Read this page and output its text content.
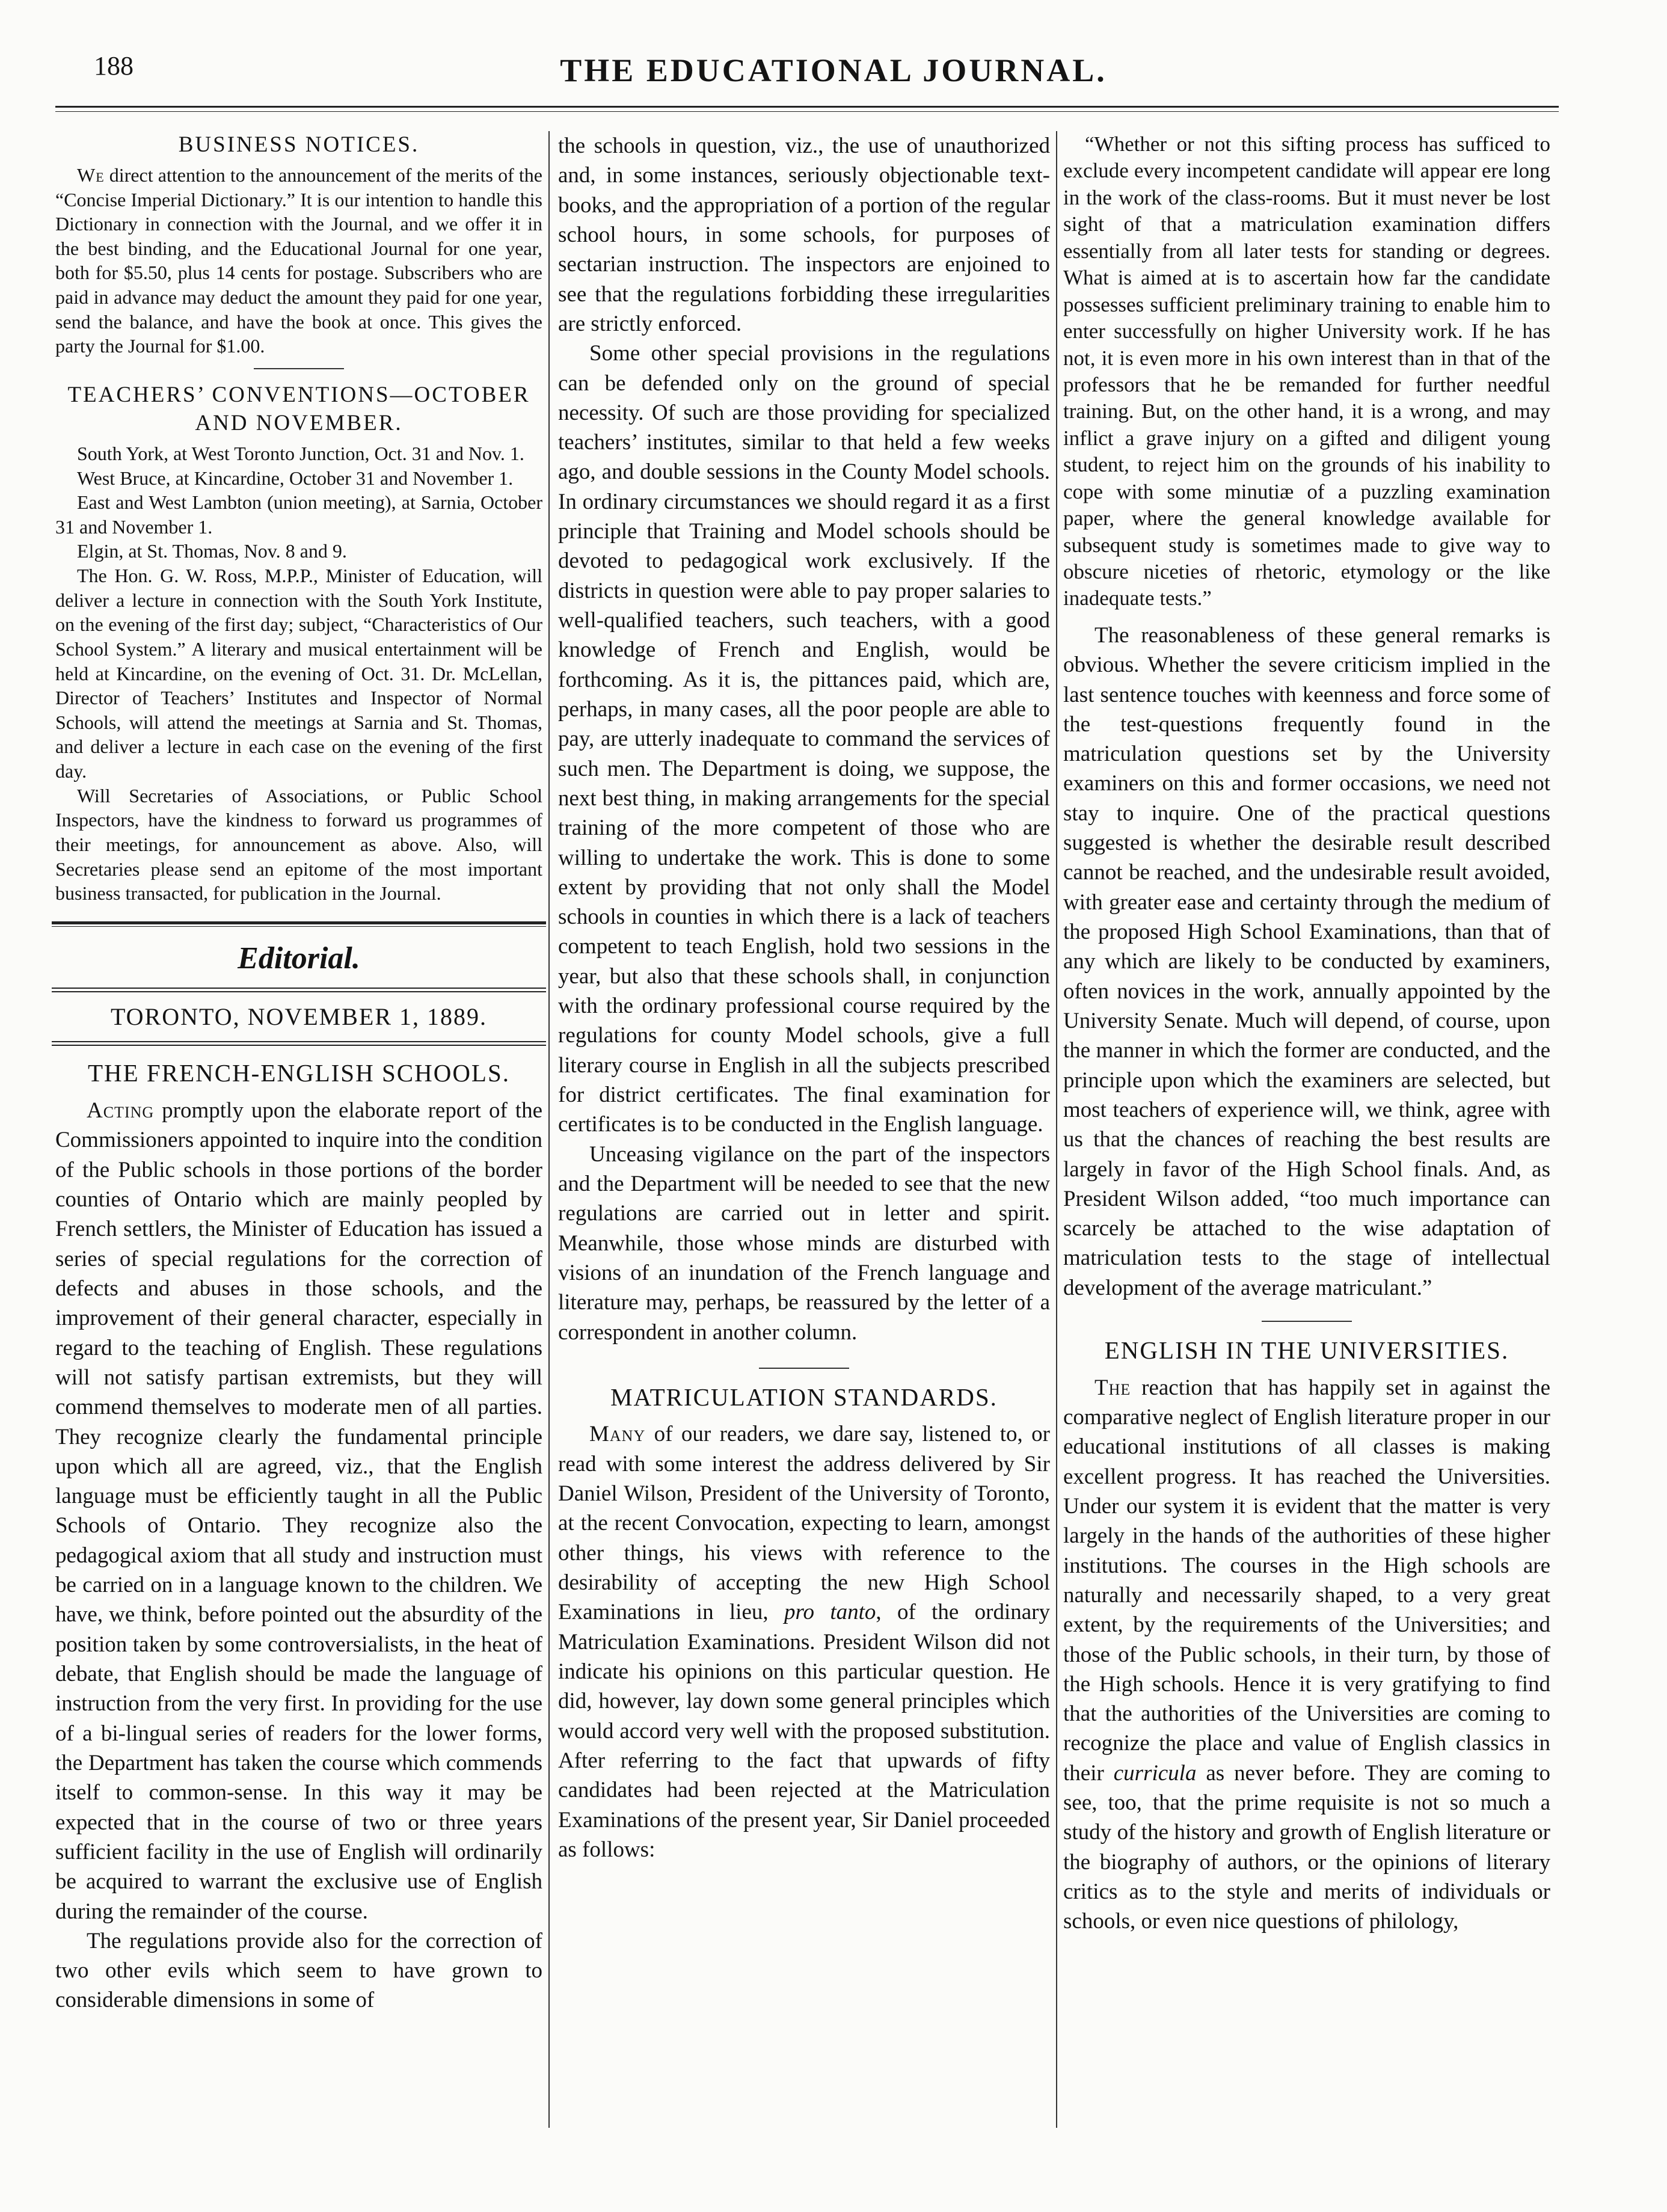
188	THE EDUCATIONAL JOURNAL.
BUSINESS NOTICES.

We direct attention to the announcement of the merits of the “Concise Imperial Dictionary.” It is our intention to handle this Dictionary in connection with the Journal, and we offer it in the best binding, and the Educational Journal for one year, both for $5.50, plus 14 cents for postage. Subscribers who are paid in advance may deduct the amount they paid for one year, send the balance, and have the book at once. This gives the party the Journal for $1.00.

TEACHERS’ CONVENTIONS—OCTOBER AND NOVEMBER.

South York, at West Toronto Junction, Oct. 31 and Nov. 1.

West Bruce, at Kincardine, October 31 and November 1.

East and West Lambton (union meeting), at Sarnia, October 31 and November 1.

Elgin, at St. Thomas, Nov. 8 and 9.

The Hon. G. W. Ross, M.P.P., Minister of Education, will deliver a lecture in connection with the South York Institute, on the evening of the first day; subject, “Characteristics of Our School System.” A literary and musical entertainment will be held at Kincardine, on the evening of Oct. 31. Dr. McLellan, Director of Teachers’ Institutes and Inspector of Normal Schools, will attend the meetings at Sarnia and St. Thomas, and deliver a lecture in each case on the evening of the first day.

Will Secretaries of Associations, or Public School Inspectors, have the kindness to forward us programmes of their meetings, for announcement as above. Also, will Secretaries please send an epitome of the most important business transacted, for publication in the Journal.

Editorial.
TORONTO, NOVEMBER 1, 1889.
THE FRENCH-ENGLISH SCHOOLS.

Acting promptly upon the elaborate report of the Commissioners appointed to inquire into the condition of the Public schools in those portions of the border counties of Ontario which are mainly peopled by French settlers, the Minister of Education has issued a series of special regulations for the correction of defects and abuses in those schools, and the improvement of their general character, especially in regard to the teaching of English. These regulations will not satisfy partisan extremists, but they will commend themselves to moderate men of all parties. They recognize clearly the fundamental principle upon which all are agreed, viz., that the English language must be efficiently taught in all the Public Schools of Ontario. They recognize also the pedagogical axiom that all study and instruction must be carried on in a language known to the children. We have, we think, before pointed out the absurdity of the position taken by some controversialists, in the heat of debate, that English should be made the language of instruction from the very first. In providing for the use of a bi-lingual series of readers for the lower forms, the Department has taken the course which commends itself to common-sense. In this way it may be expected that in the course of two or three years sufficient facility in the use of English will ordinarily be acquired to warrant the exclusive use of English during the remainder of the course.

The regulations provide also for the correction of two other evils which seem to have grown to considerable dimensions in some of

the schools in question, viz., the use of unauthorized and, in some instances, seriously objectionable text-books, and the appropriation of a portion of the regular school hours, in some schools, for purposes of sectarian instruction. The inspectors are enjoined to see that the regulations forbidding these irregularities are strictly enforced.

Some other special provisions in the regulations can be defended only on the ground of special necessity. Of such are those providing for specialized teachers’ institutes, similar to that held a few weeks ago, and double sessions in the County Model schools. In ordinary circumstances we should regard it as a first principle that Training and Model schools should be devoted to pedagogical work exclusively. If the districts in question were able to pay proper salaries to well-qualified teachers, such teachers, with a good knowledge of French and English, would be forthcoming. As it is, the pittances paid, which are, perhaps, in many cases, all the poor people are able to pay, are utterly inadequate to command the services of such men. The Department is doing, we suppose, the next best thing, in making arrangements for the special training of the more competent of those who are willing to undertake the work. This is done to some extent by providing that not only shall the Model schools in counties in which there is a lack of teachers competent to teach English, hold two sessions in the year, but also that these schools shall, in conjunction with the ordinary professional course required by the regulations for county Model schools, give a full literary course in English in all the subjects prescribed for district certificates. The final examination for certificates is to be conducted in the English language.

Unceasing vigilance on the part of the inspectors and the Department will be needed to see that the new regulations are carried out in letter and spirit. Meanwhile, those whose minds are disturbed with visions of an inundation of the French language and literature may, perhaps, be reassured by the letter of a correspondent in another column.

MATRICULATION STANDARDS.

Many of our readers, we dare say, listened to, or read with some interest the address delivered by Sir Daniel Wilson, President of the University of Toronto, at the recent Convocation, expecting to learn, amongst other things, his views with reference to the desirability of accepting the new High School Examinations in lieu, pro tanto, of the ordinary Matriculation Examinations. President Wilson did not indicate his opinions on this particular question. He did, however, lay down some general principles which would accord very well with the proposed substitution. After referring to the fact that upwards of fifty candidates had been rejected at the Matriculation Examinations of the present year, Sir Daniel proceeded as follows:

“Whether or not this sifting process has sufficed to exclude every incompetent candidate will appear ere long in the work of the class-rooms. But it must never be lost sight of that a matriculation examination differs essentially from all later tests for standing or degrees. What is aimed at is to ascertain how far the candidate possesses sufficient preliminary training to enable him to enter successfully on higher University work. If he has not, it is even more in his own interest than in that of the professors that he be remanded for further needful training. But, on the other hand, it is a wrong, and may inflict a grave injury on a gifted and diligent young student, to reject him on the grounds of his inability to cope with some minutiæ of a puzzling examination paper, where the general knowledge available for subsequent study is sometimes made to give way to obscure niceties of rhetoric, etymology or the like inadequate tests.”

The reasonableness of these general remarks is obvious. Whether the severe criticism implied in the last sentence touches with keenness and force some of the test-questions frequently found in the matriculation questions set by the University examiners on this and former occasions, we need not stay to inquire. One of the practical questions suggested is whether the desirable result described cannot be reached, and the undesirable result avoided, with greater ease and certainty through the medium of the proposed High School Examinations, than that of any which are likely to be conducted by examiners, often novices in the work, annually appointed by the University Senate. Much will depend, of course, upon the manner in which the former are conducted, and the principle upon which the examiners are selected, but most teachers of experience will, we think, agree with us that the chances of reaching the best results are largely in favor of the High School finals. And, as President Wilson added, “too much importance can scarcely be attached to the wise adaptation of matriculation tests to the stage of intellectual development of the average matriculant.”

ENGLISH IN THE UNIVERSITIES.

The reaction that has happily set in against the comparative neglect of English literature proper in our educational institutions of all classes is making excellent progress. It has reached the Universities. Under our system it is evident that the matter is very largely in the hands of the authorities of these higher institutions. The courses in the High schools are naturally and necessarily shaped, to a very great extent, by the requirements of the Universities; and those of the Public schools, in their turn, by those of the High schools. Hence it is very gratifying to find that the authorities of the Universities are coming to recognize the place and value of English classics in their curricula as never before. They are coming to see, too, that the prime requisite is not so much a study of the history and growth of English literature or the biography of authors, or the opinions of literary critics as to the style and merits of individuals or schools, or even nice questions of philology,
